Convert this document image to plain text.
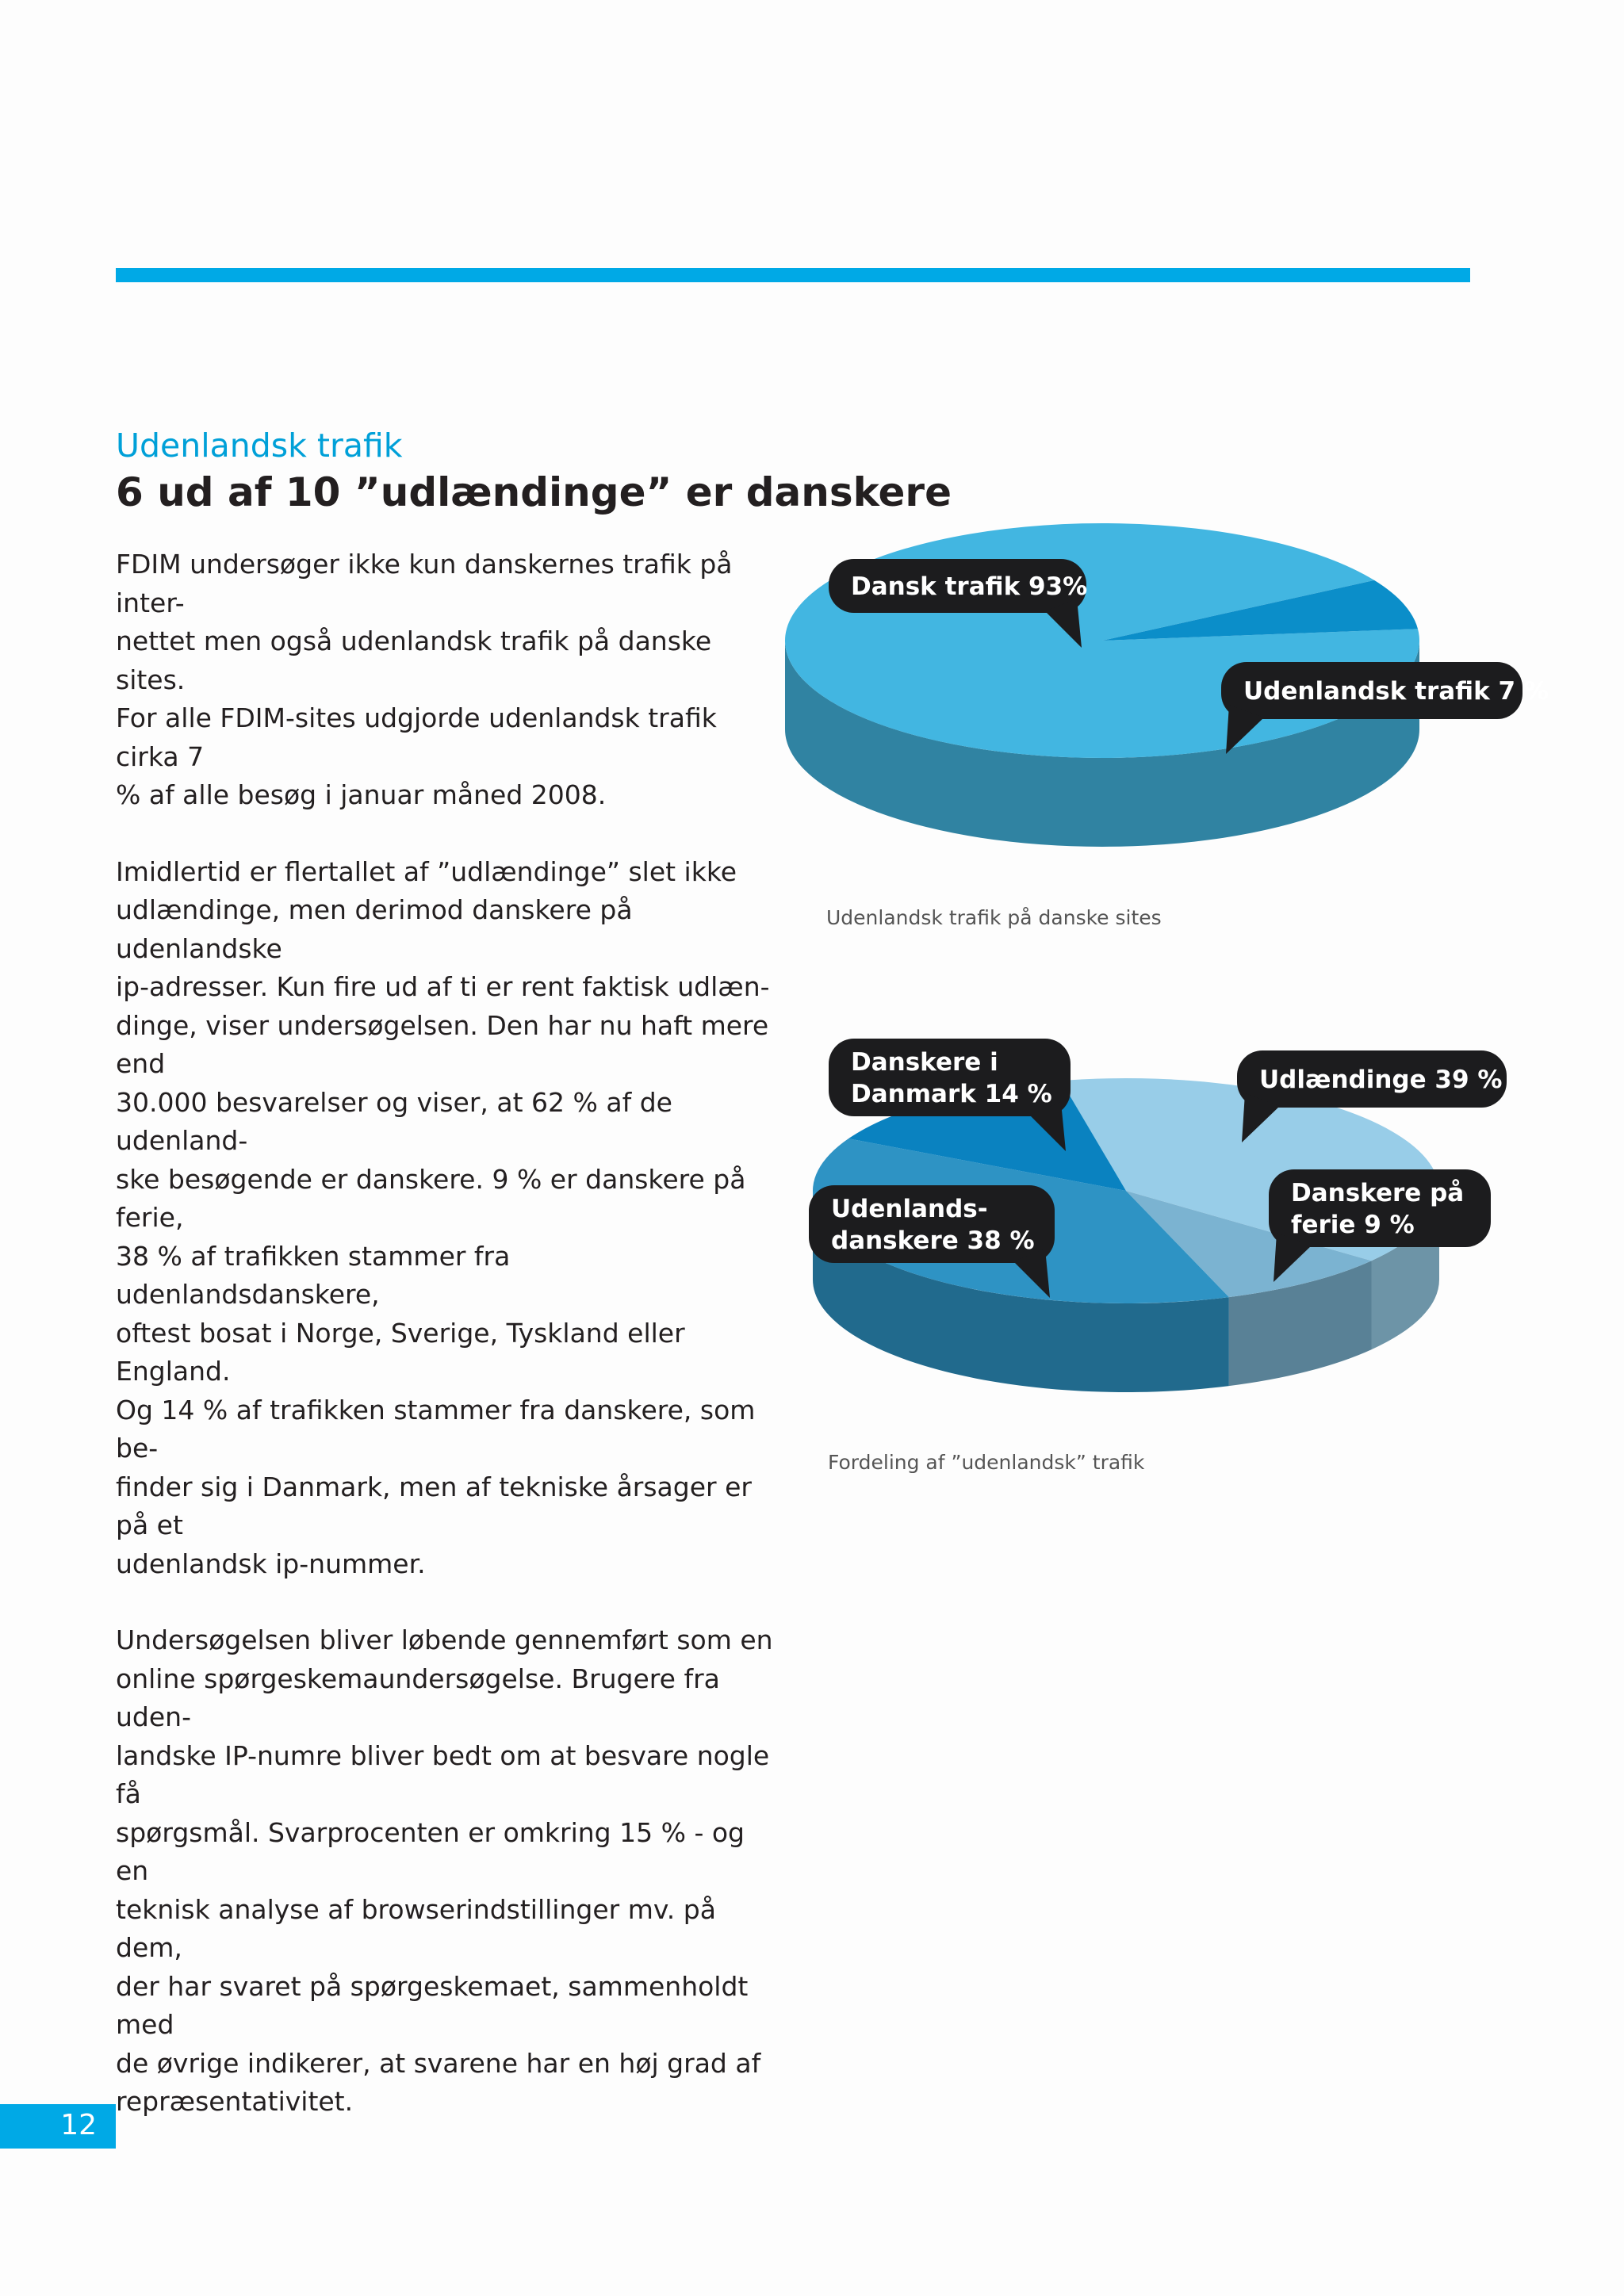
Udenlandsk trafik
6 ud af 10 ”udlændinge” er danskere

FDIM undersøger ikke kun danskernes trafik på inter-
nettet men også udenlandsk trafik på danske sites.
For alle FDIM-sites udgjorde udenlandsk trafik cirka 7
% af alle besøg i januar måned 2008.

Imidlertid er flertallet af ”udlændinge” slet ikke
udlændinge, men derimod danskere på udenlandske
ip-adresser. Kun fire ud af ti er rent faktisk udlæn-
dinge, viser undersøgelsen. Den har nu haft mere end
30.000 besvarelser og viser, at 62 % af de udenland-
ske besøgende er danskere. 9 % er danskere på ferie,
38 % af trafikken stammer fra udenlandsdanskere,
oftest bosat i Norge, Sverige, Tyskland eller England.
Og 14 % af trafikken stammer fra danskere, som be-
finder sig i Danmark, men af tekniske årsager er på et
udenlandsk ip-nummer.

Undersøgelsen bliver løbende gennemført som en
online spørgeskemaundersøgelse. Brugere fra uden-
landske IP-numre bliver bedt om at besvare nogle få
spørgsmål. Svarprocenten er omkring 15 % - og en
teknisk analyse af browserindstillinger mv. på dem,
der har svaret på spørgeskemaet, sammenholdt med
de øvrige indikerer, at svarene har en høj grad af
repræsentativitet.

Dansk trafik 93%
Udenlandsk trafik 7 %
Udlændinge 39 %
Danskere på
ferie 9 %
Udenlands-
danskere 38 %
Danskere i
Danmark 14 %
Udenlandsk trafik på danske sites
Fordeling af ”udenlandsk” trafik
12
